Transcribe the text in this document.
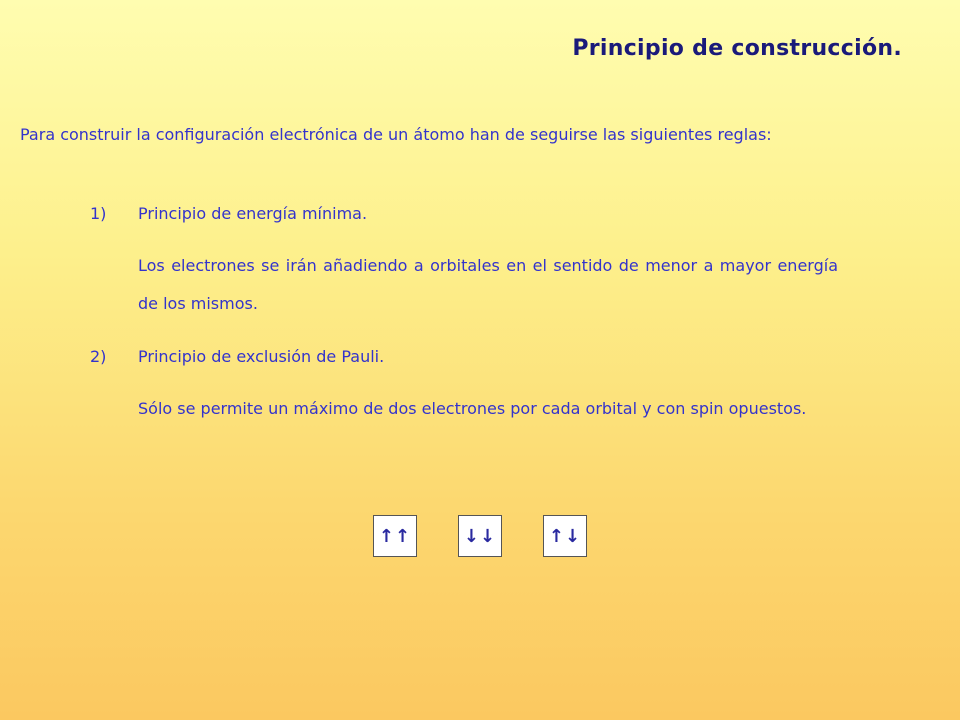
Principio de construcción.

Para construir la configuración electrónica de un átomo han de seguirse las siguientes reglas:

1) Principio de energía mínima.

Los electrones se irán añadiendo a orbitales en el sentido de menor a mayor energía de los mismos.

2) Principio de exclusión de Pauli.

Sólo se permite un máximo de dos electrones por cada orbital y con spin opuestos.

↑↑	↓↓	↑↓
